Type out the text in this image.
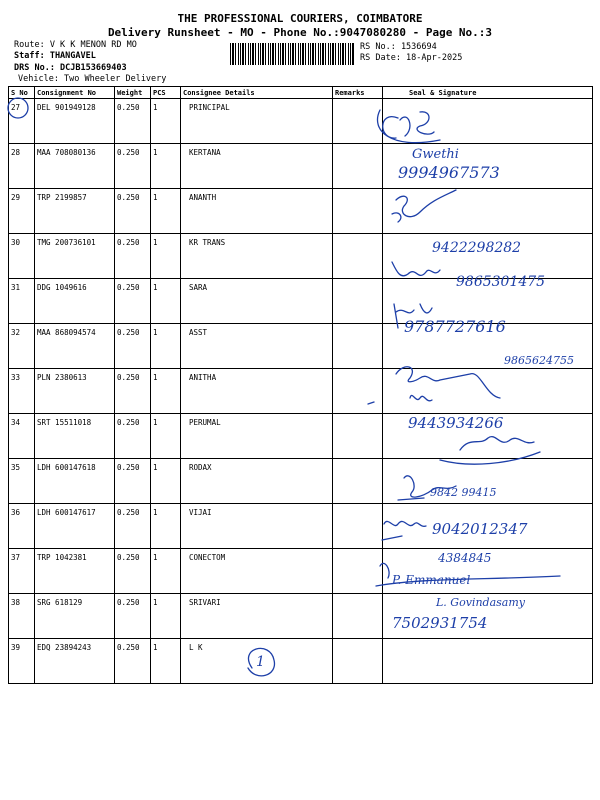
THE PROFESSIONAL COURIERS, COIMBATORE
Delivery Runsheet - MO - Phone No.:9047080280 - Page No.:3
Route: V K K MENON RD MO
Staff: THANGAVEL
DRS No.: DCJB153669403
Vehicle: Two Wheeler Delivery
RS No.: 1536694
RS Date: 18-Apr-2025
S No	Consignment No	Weight	PCS	Consignee Details	Remarks	Seal & Signature
27	DEL 901949128	0.250	1	PRINCIPAL		
28	MAA 708080136	0.250	1	KERTANA		
29	TRP 2199857	0.250	1	ANANTH		
30	TMG 200736101	0.250	1	KR TRANS		
31	DDG 1049616	0.250	1	SARA		
32	MAA 868094574	0.250	1	ASST		
33	PLN 2380613	0.250	1	ANITHA		
34	SRT 15511018	0.250	1	PERUMAL		
35	LDH 600147618	0.250	1	RODAX		
36	LDH 600147617	0.250	1	VIJAI		
37	TRP 1042381	0.250	1	CONECTOM		
38	SRG 618129	0.250	1	SRIVARI		
39	EDQ 23894243	0.250	1	L K		
Gwethi
9994967573
9422298282
9865301475
9787727616
9865624755
9443934266
9842 99415
9042012347
4384845
P. Emmanuel
L. Govindasamy
7502931754
1
